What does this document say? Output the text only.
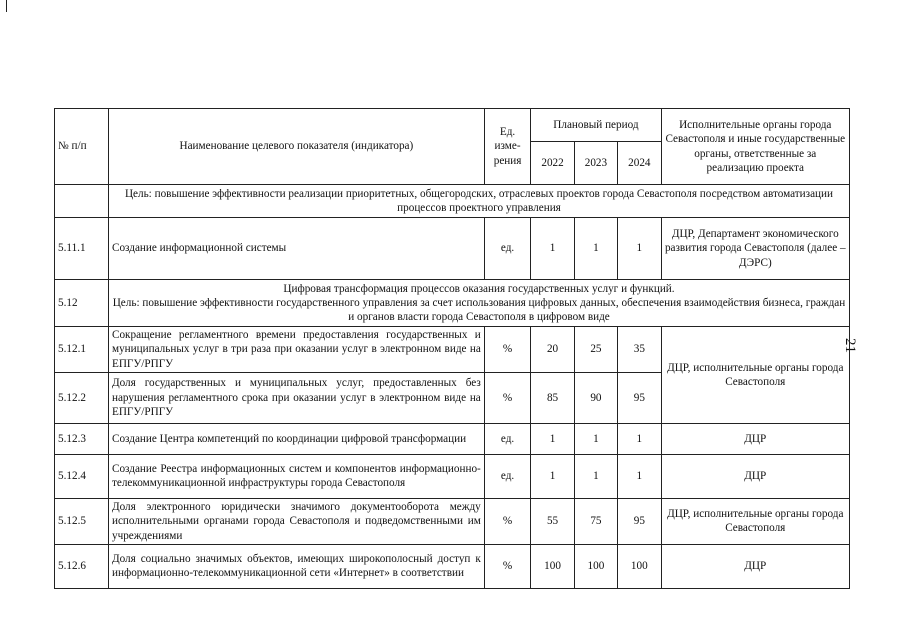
21
№ п/п	Наименование целевого показателя (индикатора)	Ед. изме-рения	Плановый период			Исполнительные органы города Севастополя и иные государственные органы, ответственные за реализацию проекта
			2022	2023	2024	
	Цель: повышение эффективности реализации приоритетных, общегородских, отраслевых проектов города Севастополя посредством автоматизации процессов проектного управления					
5.11.1	Создание информационной системы	ед.	1	1	1	ДЦР, Департамент экономического развития города Севастополя (далее – ДЭРС)
5.12	Цифровая трансформация процессов оказания государственных услуг и функций.
Цель: повышение эффективности государственного управления за счет использования цифровых данных, обеспечения взаимодействия бизнеса, граждан и органов власти города Севастополя в цифровом виде					

5.12.1	Сокращение регламентного времени предоставления государственных и муниципальных услуг в три раза при оказании услуг в электронном виде на ЕПГУ/РПГУ	%	20	25	35	ДЦР, исполнительные органы города Севастополя
5.12.2	Доля государственных и муниципальных услуг, предоставленных без нарушения регламентного срока при оказании услуг в электронном виде на ЕПГУ/РПГУ	%	85	90	95	
5.12.3	Создание Центра компетенций по координации цифровой трансформации	ед.	1	1	1	ДЦР
5.12.4	Создание Реестра информационных систем и компонентов информационно-телекоммуникационной инфраструктуры города Севастополя	ед.	1	1	1	ДЦР
5.12.5	Доля электронного юридически значимого документооборота между исполнительными органами города Севастополя и подведомственными им учреждениями	%	55	75	95	ДЦР, исполнительные органы города Севастополя
5.12.6	Доля социально значимых объектов, имеющих широкополосный доступ к информационно-телекоммуникационной сети «Интернет» в соответствии	%	100	100	100	ДЦР
